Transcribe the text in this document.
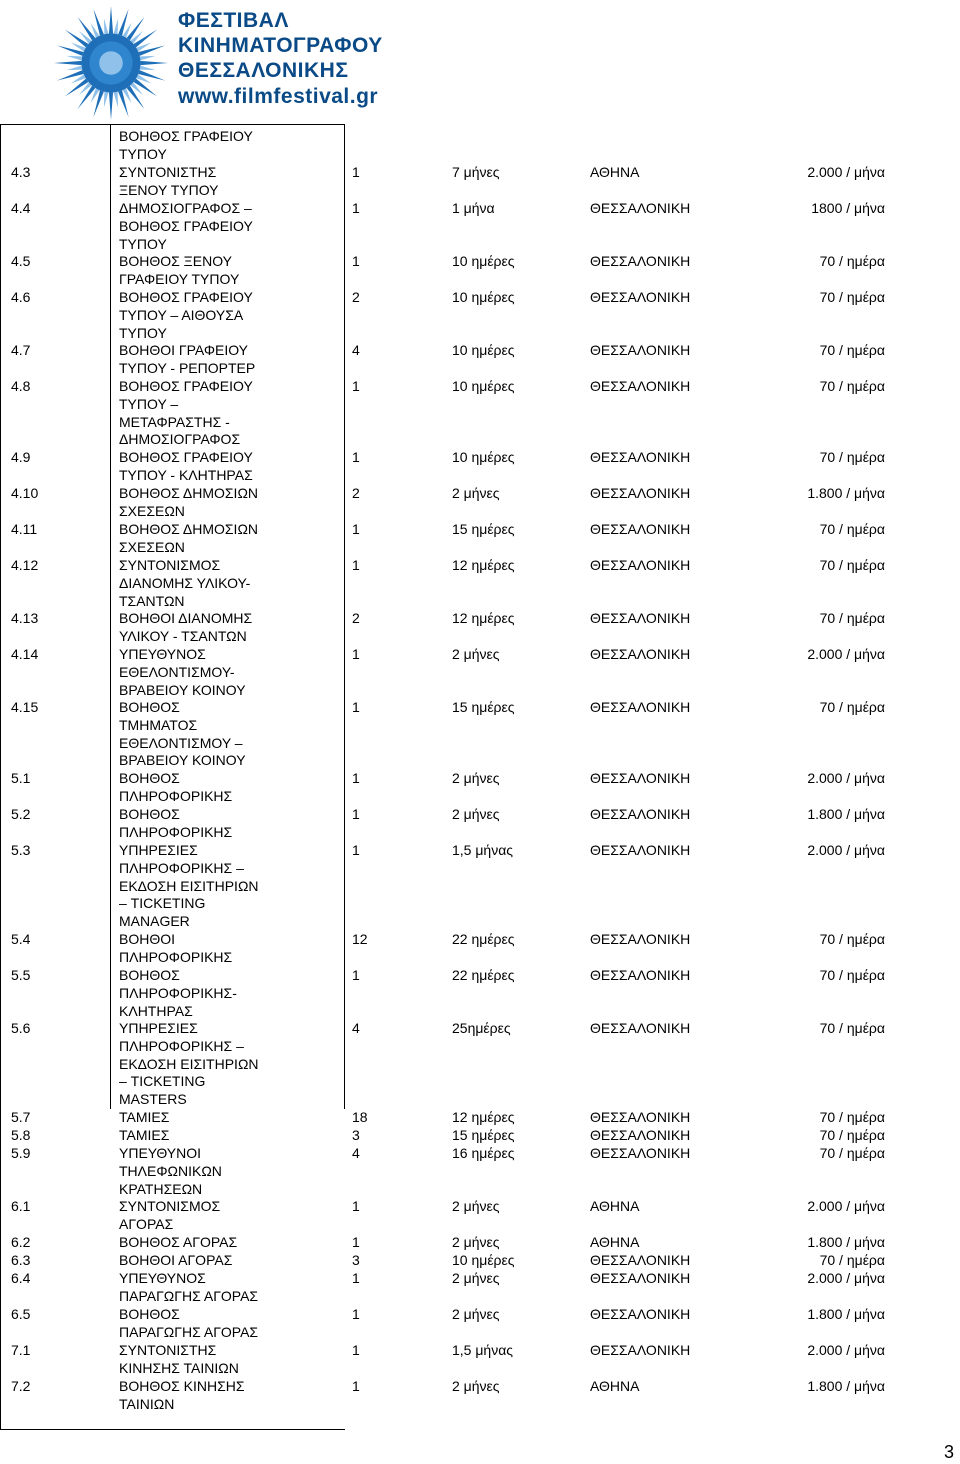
ΦΕΣΤΙΒΑΛ
ΚΙΝΗΜΑΤΟΓΡΑΦΟΥ
ΘΕΣΣΑΛΟΝΙΚΗΣ
www.filmfestival.gr
ΒΟΗΘΟΣ ΓΡΑΦΕΙΟΥ
ΤΥΠΟΥ
4.3	ΣΥΝΤΟΝΙΣΤΗΣ
ΞΕΝΟΥ ΤΥΠΟΥ
1	7 μήνες	ΑΘΗΝΑ	2.000 / μήνα
4.4	ΔΗΜΟΣΙΟΓΡΑΦΟΣ –
ΒΟΗΘΟΣ ΓΡΑΦΕΙΟΥ
ΤΥΠΟΥ
1	1 μήνα	ΘΕΣΣΑΛΟΝΙΚΗ	1800 / μήνα
4.5	ΒΟΗΘΟΣ ΞΕΝΟΥ
ΓΡΑΦΕΙΟΥ ΤΥΠΟΥ
1	10 ημέρες	ΘΕΣΣΑΛΟΝΙΚΗ	70 / ημέρα
4.6	ΒΟΗΘΟΣ ΓΡΑΦΕΙΟΥ
ΤΥΠΟΥ – ΑΙΘΟΥΣΑ
ΤΥΠΟΥ
2	10 ημέρες	ΘΕΣΣΑΛΟΝΙΚΗ	70 / ημέρα
4.7	ΒΟΗΘΟΙ ΓΡΑΦΕΙΟΥ
ΤΥΠΟΥ - ΡΕΠΟΡΤΕΡ
4	10 ημέρες	ΘΕΣΣΑΛΟΝΙΚΗ	70 / ημέρα
4.8	ΒΟΗΘΟΣ ΓΡΑΦΕΙΟΥ
ΤΥΠΟΥ –
ΜΕΤΑΦΡΑΣΤΗΣ -
ΔΗΜΟΣΙΟΓΡΑΦΟΣ
1	10 ημέρες	ΘΕΣΣΑΛΟΝΙΚΗ	70 / ημέρα
4.9	ΒΟΗΘΟΣ ΓΡΑΦΕΙΟΥ
ΤΥΠΟΥ - ΚΛΗΤΗΡΑΣ
1	10 ημέρες	ΘΕΣΣΑΛΟΝΙΚΗ	70 / ημέρα
4.10	ΒΟΗΘΟΣ ΔΗΜΟΣΙΩΝ
ΣΧΕΣΕΩΝ
2	2 μήνες	ΘΕΣΣΑΛΟΝΙΚΗ	1.800 / μήνα
4.11	ΒΟΗΘΟΣ ΔΗΜΟΣΙΩΝ
ΣΧΕΣΕΩΝ
1	15 ημέρες	ΘΕΣΣΑΛΟΝΙΚΗ	70 / ημέρα
4.12	ΣΥΝΤΟΝΙΣΜΟΣ
ΔΙΑΝΟΜΗΣ ΥΛΙΚΟΥ-
ΤΣΑΝΤΩΝ
1	12 ημέρες	ΘΕΣΣΑΛΟΝΙΚΗ	70 / ημέρα
4.13	ΒΟΗΘΟΙ ΔΙΑΝΟΜΗΣ
ΥΛΙΚΟΥ - ΤΣΑΝΤΩΝ
2	12 ημέρες	ΘΕΣΣΑΛΟΝΙΚΗ	70 / ημέρα
4.14	ΥΠΕΥΘΥΝΟΣ
ΕΘΕΛΟΝΤΙΣΜΟΥ-
ΒΡΑΒΕΙΟΥ ΚΟΙΝΟΥ
1	2 μήνες	ΘΕΣΣΑΛΟΝΙΚΗ	2.000 / μήνα
4.15	ΒΟΗΘΟΣ
ΤΜΗΜΑΤΟΣ
ΕΘΕΛΟΝΤΙΣΜΟΥ –
ΒΡΑΒΕΙΟΥ ΚΟΙΝΟΥ
1	15 ημέρες	ΘΕΣΣΑΛΟΝΙΚΗ	70 / ημέρα
5.1	ΒΟΗΘΟΣ
ΠΛΗΡΟΦΟΡΙΚΗΣ
1	2 μήνες	ΘΕΣΣΑΛΟΝΙΚΗ	2.000 / μήνα
5.2	ΒΟΗΘΟΣ
ΠΛΗΡΟΦΟΡΙΚΗΣ
1	2 μήνες	ΘΕΣΣΑΛΟΝΙΚΗ	1.800 / μήνα
5.3	ΥΠΗΡΕΣΙΕΣ
ΠΛΗΡΟΦΟΡΙΚΗΣ –
ΕΚΔΟΣΗ ΕΙΣΙΤΗΡΙΩΝ
– TICKETING
MANAGER
1	1,5 μήνας	ΘΕΣΣΑΛΟΝΙΚΗ	2.000 / μήνα
5.4	ΒΟΗΘΟΙ
ΠΛΗΡΟΦΟΡΙΚΗΣ
12	22 ημέρες	ΘΕΣΣΑΛΟΝΙΚΗ	70 / ημέρα
5.5	ΒΟΗΘΟΣ
ΠΛΗΡΟΦΟΡΙΚΗΣ-
ΚΛΗΤΗΡΑΣ
1	22 ημέρες	ΘΕΣΣΑΛΟΝΙΚΗ	70 / ημέρα
5.6	ΥΠΗΡΕΣΙΕΣ
ΠΛΗΡΟΦΟΡΙΚΗΣ –
ΕΚΔΟΣΗ ΕΙΣΙΤΗΡΙΩΝ
– TICKETING
MASTERS
4	25ημέρες	ΘΕΣΣΑΛΟΝΙΚΗ	70 / ημέρα
5.7	ΤΑΜΙΕΣ	18	12 ημέρες	ΘΕΣΣΑΛΟΝΙΚΗ	70 / ημέρα
5.8	ΤΑΜΙΕΣ	3	15 ημέρες	ΘΕΣΣΑΛΟΝΙΚΗ	70 / ημέρα
5.9	ΥΠΕΥΘΥΝΟΙ
ΤΗΛΕΦΩΝΙΚΩΝ
ΚΡΑΤΗΣΕΩΝ
4	16 ημέρες	ΘΕΣΣΑΛΟΝΙΚΗ	70 / ημέρα
6.1	ΣΥΝΤΟΝΙΣΜΟΣ
ΑΓΟΡΑΣ
1	2 μήνες	ΑΘΗΝΑ	2.000 / μήνα
6.2	ΒΟΗΘΟΣ ΑΓΟΡΑΣ	1	2 μήνες	ΑΘΗΝΑ	1.800 / μήνα
6.3	ΒΟΗΘΟΙ ΑΓΟΡΑΣ	3	10 ημέρες	ΘΕΣΣΑΛΟΝΙΚΗ	70 / ημέρα
6.4	ΥΠΕΥΘΥΝΟΣ
ΠΑΡΑΓΩΓΗΣ ΑΓΟΡΑΣ
1	2 μήνες	ΘΕΣΣΑΛΟΝΙΚΗ	2.000 / μήνα
6.5	ΒΟΗΘΟΣ
ΠΑΡΑΓΩΓΗΣ ΑΓΟΡΑΣ
1	2 μήνες	ΘΕΣΣΑΛΟΝΙΚΗ	1.800 / μήνα
7.1	ΣΥΝΤΟΝΙΣΤΗΣ
ΚΙΝΗΣΗΣ ΤΑΙΝΙΩΝ
1	1,5 μήνας	ΘΕΣΣΑΛΟΝΙΚΗ	2.000 / μήνα
7.2	ΒΟΗΘΟΣ ΚΙΝΗΣΗΣ
ΤΑΙΝΙΩΝ
1	2 μήνες	ΑΘΗΝΑ	1.800 / μήνα
3
